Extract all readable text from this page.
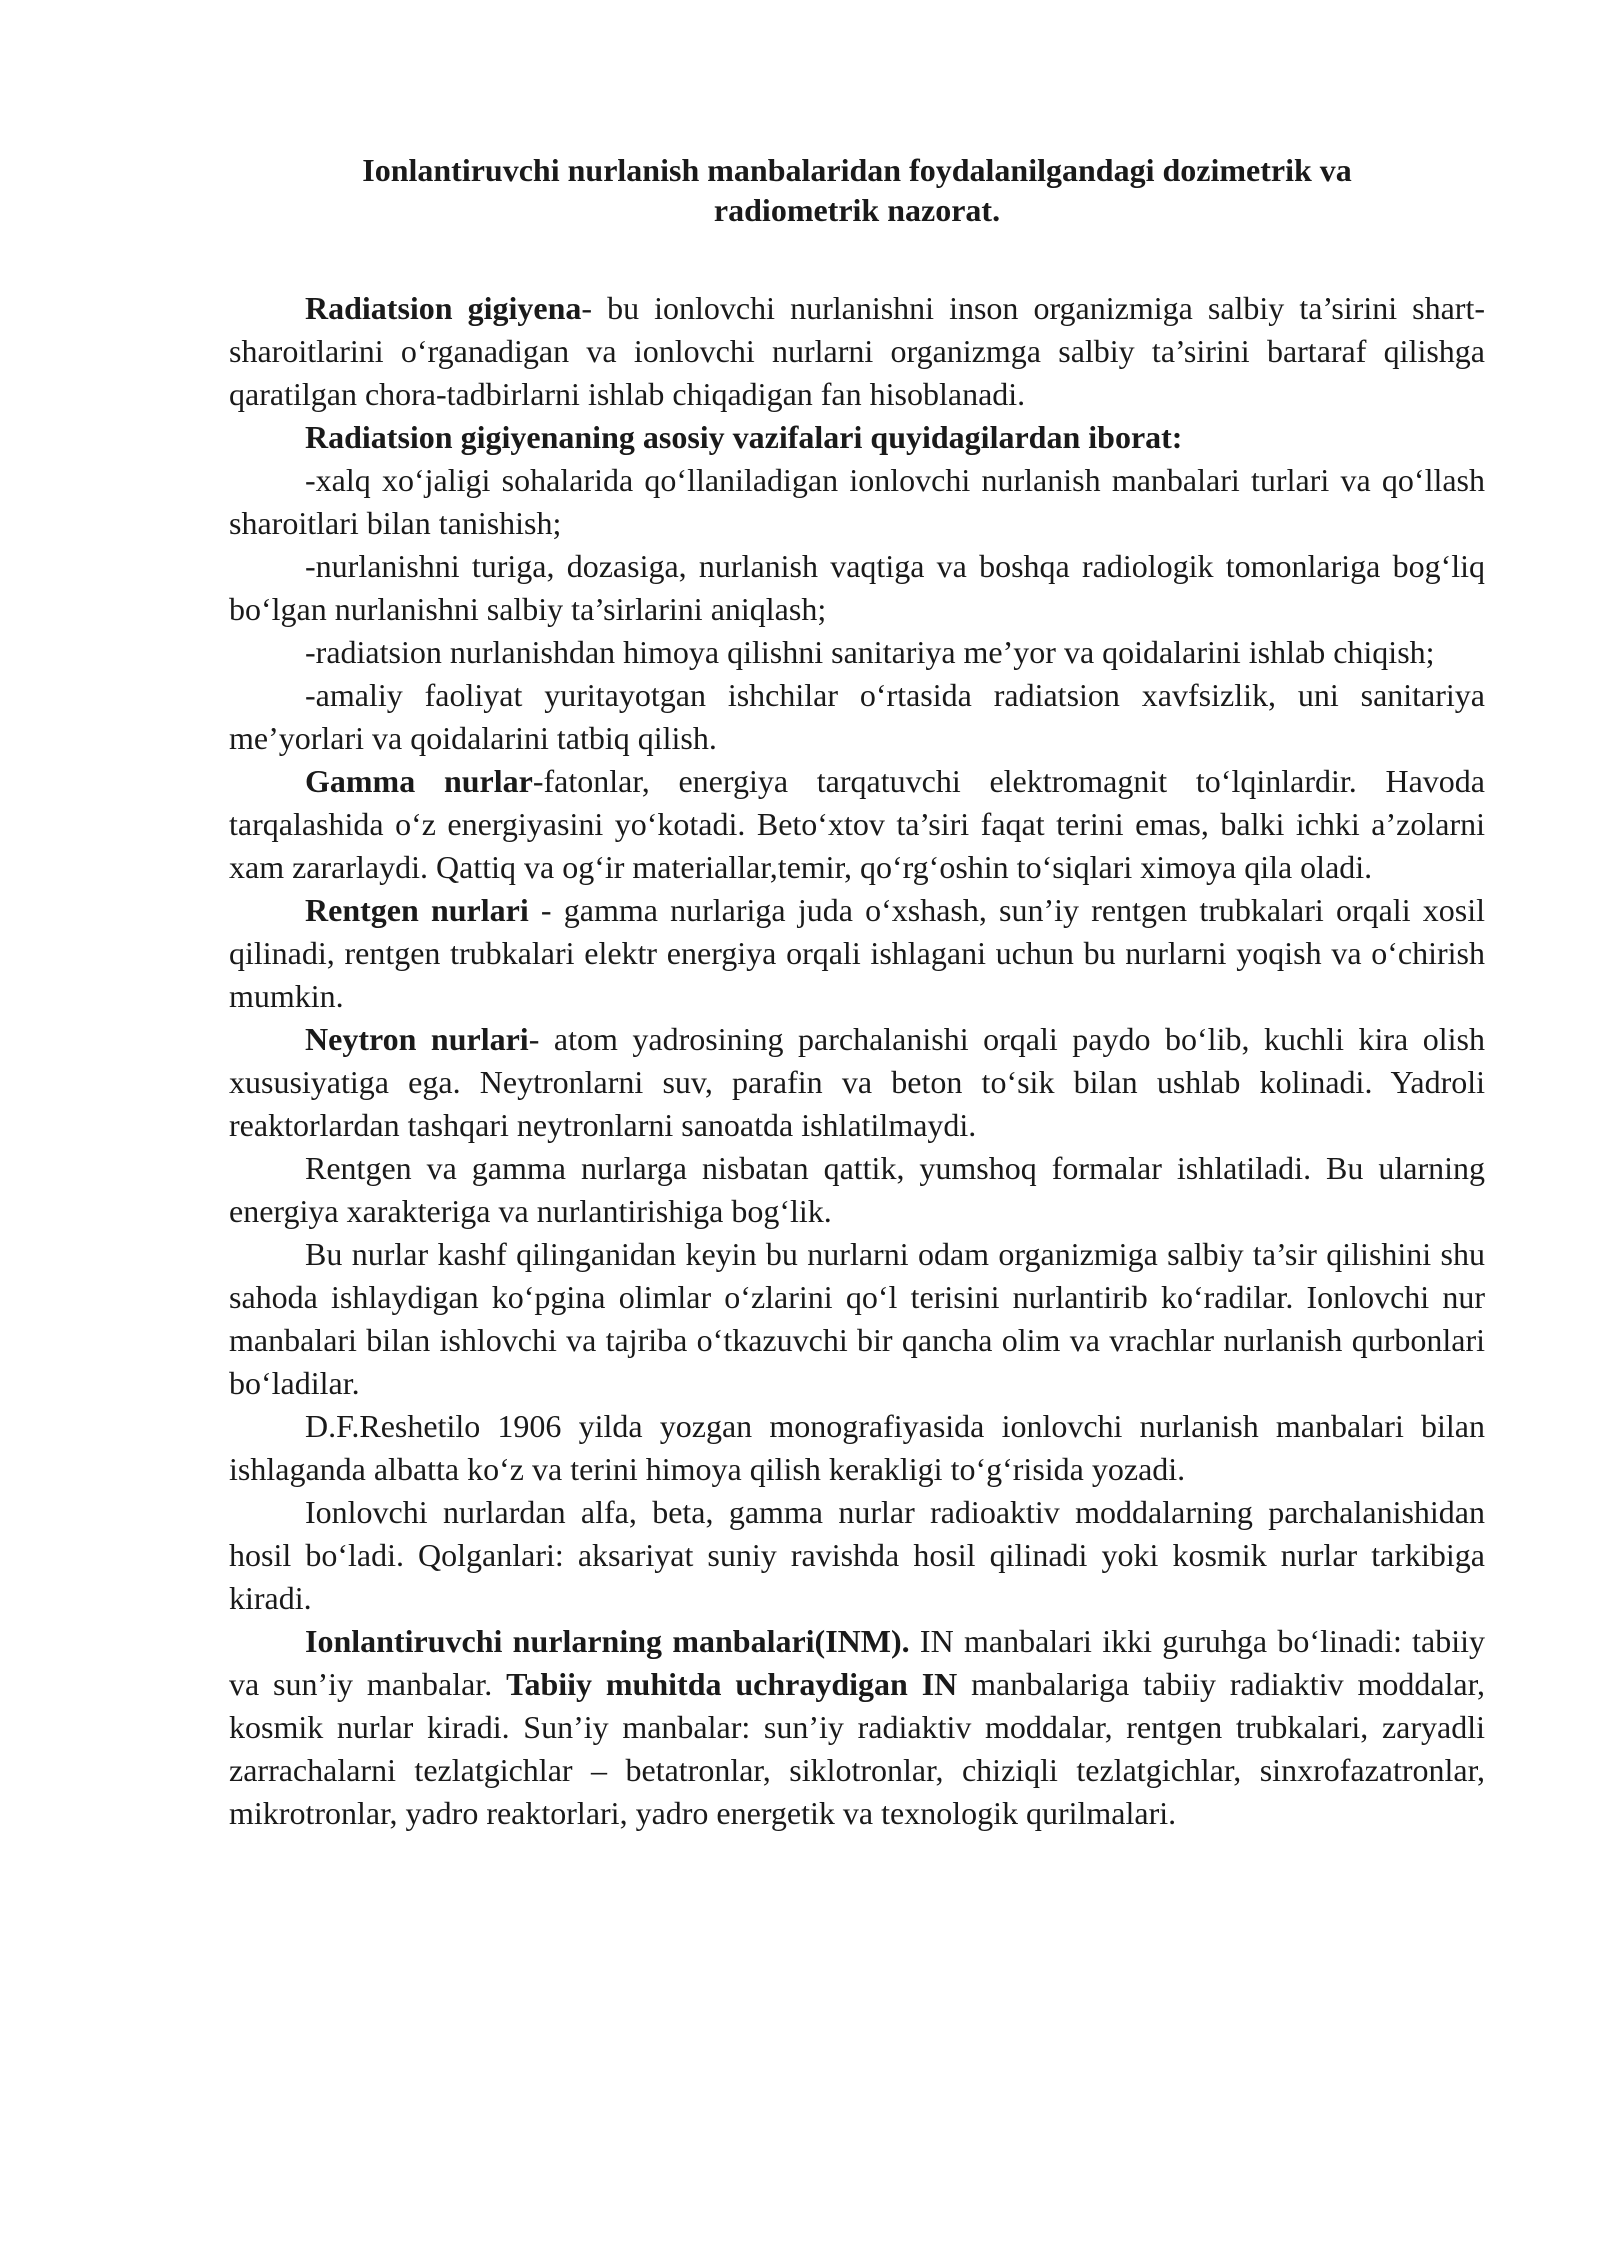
Ionlantiruvchi nurlanish manbalaridan foydalanilgandagi dozimetrik va
radiometrik nazorat.

Radiatsion gigiyena- bu ionlovchi nurlanishni inson organizmiga salbiy ta’sirini shart-sharoitlarini o‘rganadigan va ionlovchi nurlarni organizmga salbiy ta’sirini bartaraf qilishga qaratilgan chora-tadbirlarni ishlab chiqadigan fan hisoblanadi.

Radiatsion gigiyenaning asosiy vazifalari quyidagilardan iborat:

-xalq xo‘jaligi sohalarida qo‘llaniladigan ionlovchi nurlanish manbalari turlari va qo‘llash sharoitlari bilan tanishish;

-nurlanishni turiga, dozasiga, nurlanish vaqtiga va boshqa radiologik tomonlariga bog‘liq bo‘lgan nurlanishni salbiy ta’sirlarini aniqlash;

-radiatsion nurlanishdan himoya qilishni sanitariya me’yor va qoidalarini ishlab chiqish;

-amaliy faoliyat yuritayotgan ishchilar o‘rtasida radiatsion xavfsizlik, uni sanitariya me’yorlari va qoidalarini tatbiq qilish.

Gamma nurlar-fatonlar, energiya tarqatuvchi elektromagnit to‘lqinlardir. Havoda tarqalashida o‘z energiyasini yo‘kotadi. Beto‘xtov ta’siri faqat terini emas, balki ichki a’zolarni xam zararlaydi. Qattiq va og‘ir materiallar,temir, qo‘rg‘oshin to‘siqlari ximoya qila oladi.

Rentgen nurlari - gamma nurlariga juda o‘xshash, sun’iy rentgen trubkalari orqali xosil qilinadi, rentgen trubkalari elektr energiya orqali ishlagani uchun bu nurlarni yoqish va o‘chirish mumkin.

Neytron nurlari- atom yadrosining parchalanishi orqali paydo bo‘lib, kuchli kira olish xususiyatiga ega. Neytronlarni suv, parafin va beton to‘sik bilan ushlab kolinadi. Yadroli reaktorlardan tashqari neytronlarni sanoatda ishlatilmaydi.

Rentgen va gamma nurlarga nisbatan qattik, yumshoq formalar ishlatiladi. Bu ularning energiya xarakteriga va nurlantirishiga bog‘lik.

Bu nurlar kashf qilinganidan keyin bu nurlarni odam organizmiga salbiy ta’sir qilishini shu sahoda ishlaydigan ko‘pgina olimlar o‘zlarini qo‘l terisini nurlantirib ko‘radilar. Ionlovchi nur manbalari bilan ishlovchi va tajriba o‘tkazuvchi bir qancha olim va vrachlar nurlanish qurbonlari bo‘ladilar.

D.F.Reshetilo 1906 yilda yozgan monografiyasida ionlovchi nurlanish manbalari bilan ishlaganda albatta ko‘z va terini himoya qilish kerakligi to‘g‘risida yozadi.

Ionlovchi nurlardan alfa, beta, gamma nurlar radioaktiv moddalarning parchalanishidan hosil bo‘ladi. Qolganlari: aksariyat suniy ravishda hosil qilinadi yoki kosmik nurlar tarkibiga kiradi.

Ionlantiruvchi nurlarning manbalari(INM). IN manbalari ikki guruhga bo‘linadi: tabiiy va sun’iy manbalar. Tabiiy muhitda uchraydigan IN manbalariga tabiiy radiaktiv moddalar, kosmik nurlar kiradi. Sun’iy manbalar: sun’iy radiaktiv moddalar, rentgen trubkalari, zaryadli zarrachalarni tezlatgichlar – betatronlar, siklotronlar, chiziqli tezlatgichlar, sinxrofazatronlar, mikrotronlar, yadro reaktorlari, yadro energetik va texnologik qurilmalari.
